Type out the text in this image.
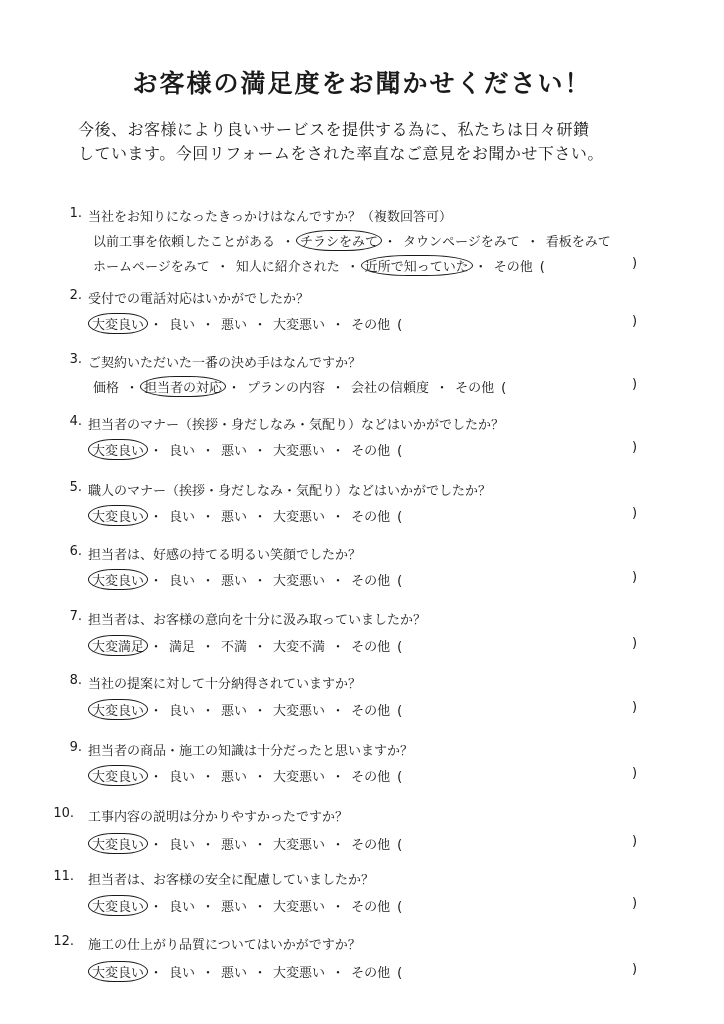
お客様の満足度をお聞かせください！
今後、お客様により良いサービスを提供する為に、私たちは日々研鑽
しています。今回リフォームをされた率直なご意見をお聞かせ下さい。
1. 当社をお知りになったきっかけはなんですか？（複数回答可）
以前工事を依頼したことがある ・ チラシをみて ・ タウンページをみて ・ 看板をみて
ホームページをみて ・ 知人に紹介された ・ 近所で知っていた ・ その他 (	)
2. 受付での電話対応はいかがでしたか？
大変良い ・ 良い ・ 悪い ・ 大変悪い ・ その他 (	)
3. ご契約いただいた一番の決め手はなんですか？
価格 ・ 担当者の対応 ・ プランの内容 ・ 会社の信頼度 ・ その他 (	)
4. 担当者のマナー（挨拶・身だしなみ・気配り）などはいかがでしたか？
大変良い ・ 良い ・ 悪い ・ 大変悪い ・ その他 (	)
5. 職人のマナー（挨拶・身だしなみ・気配り）などはいかがでしたか？
大変良い ・ 良い ・ 悪い ・ 大変悪い ・ その他 (	)
6. 担当者は、好感の持てる明るい笑顔でしたか？
大変良い ・ 良い ・ 悪い ・ 大変悪い ・ その他 (	)
7. 担当者は、お客様の意向を十分に汲み取っていましたか？
大変満足 ・ 満足 ・ 不満 ・ 大変不満 ・ その他 (	)
8. 当社の提案に対して十分納得されていますか？
大変良い ・ 良い ・ 悪い ・ 大変悪い ・ その他 (	)
9. 担当者の商品・施工の知識は十分だったと思いますか？
大変良い ・ 良い ・ 悪い ・ 大変悪い ・ その他 (	)
10. 工事内容の説明は分かりやすかったですか？
大変良い ・ 良い ・ 悪い ・ 大変悪い ・ その他 (	)
11. 担当者は、お客様の安全に配慮していましたか？
大変良い ・ 良い ・ 悪い ・ 大変悪い ・ その他 (	)
12. 施工の仕上がり品質についてはいかがですか？
大変良い ・ 良い ・ 悪い ・ 大変悪い ・ その他 (	)
